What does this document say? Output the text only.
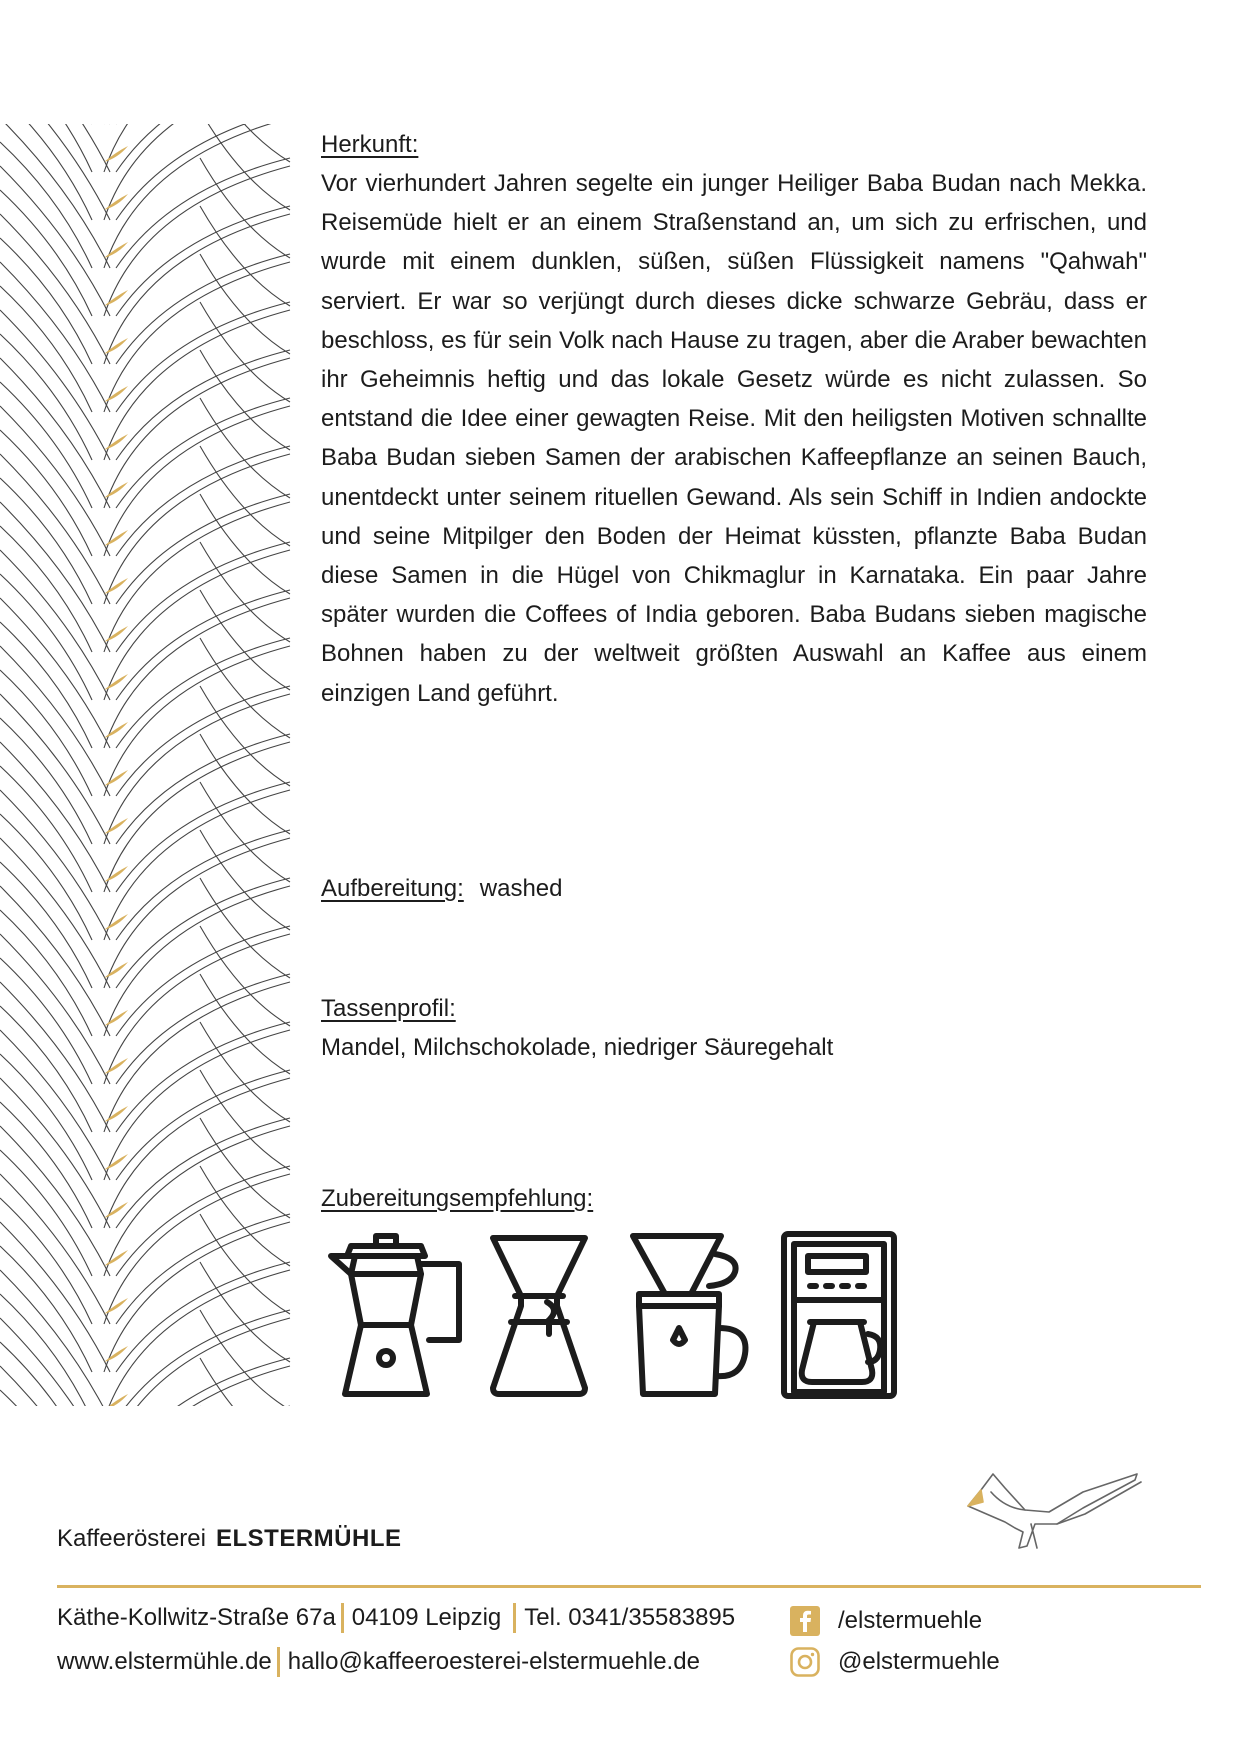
Herkunft:

Vor vierhundert Jahren segelte ein junger Heiliger Baba Budan nach Mekka. Reisemüde hielt er an einem Straßenstand an, um sich zu erfrischen, und wurde mit einem dunklen, süßen, süßen Flüssigkeit namens "Qahwah" serviert. Er war so verjüngt durch dieses dicke schwarze Gebräu, dass er beschloss, es für sein Volk nach Hause zu tragen, aber die Araber bewachten ihr Geheimnis heftig und das lokale Gesetz würde es nicht zulassen. So entstand die Idee einer gewagten Reise. Mit den heiligsten Motiven schnallte Baba Budan sieben Samen der arabischen Kaffeepflanze an seinen Bauch, unentdeckt unter seinem rituellen Gewand. Als sein Schiff in Indien andockte und seine Mitpilger den Boden der Heimat küssten, pflanzte Baba Budan diese Samen in die Hügel von Chikmaglur in Karnataka. Ein paar Jahre später wurden die Coffees of India geboren. Baba Budans sieben magische Bohnen haben zu der weltweit größten Auswahl an Kaffee aus einem einzigen Land geführt.

Aufbereitung: washed
Tassenprofil:

Mandel, Milchschokolade, niedriger Säuregehalt

Zubereitungsempfehlung:
Kaffeerösterei ELSTERMÜHLE
Käthe-Kollwitz-Straße 67a 04109 Leipzig Tel. 0341/35583895
www.elstermühle.de hallo@kaffeeroesterei-elstermuehle.de
/elstermuehle
@elstermuehle
